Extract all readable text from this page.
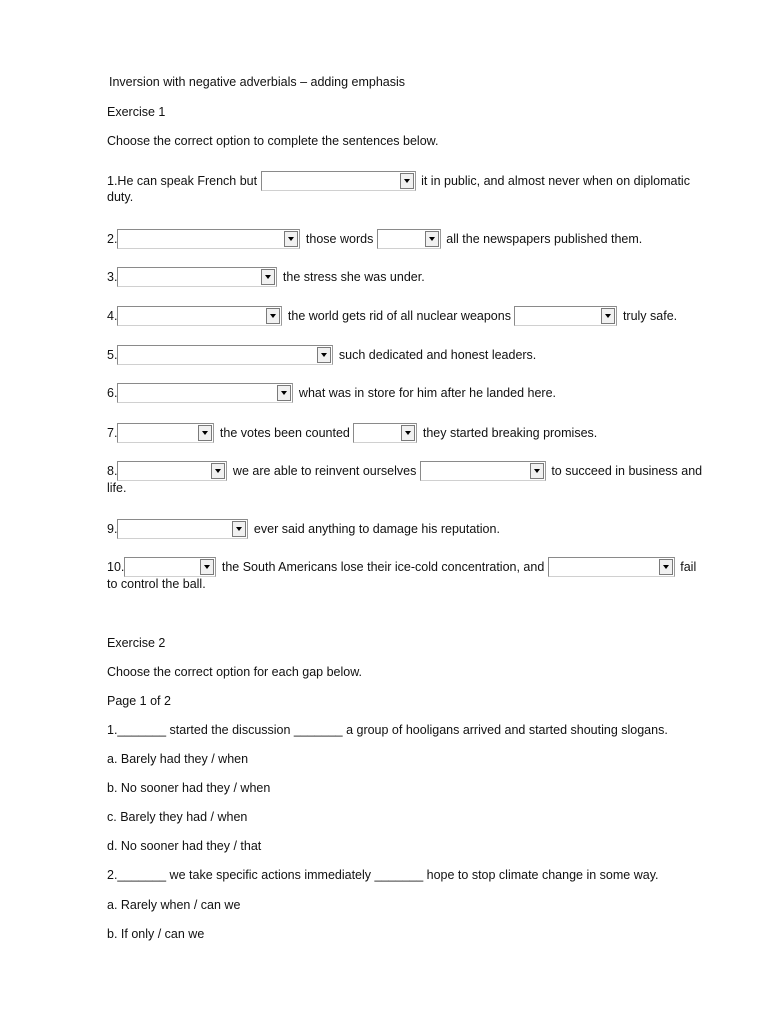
Inversion with negative adverbials – adding emphasis
Exercise 1
Choose the correct option to complete the sentences below.
1.He can speak French but	it in public, and almost never when on diplomatic
duty.
2.	those words	all the newspapers published them.
3.	the stress she was under.
4.	the world gets rid of all nuclear weapons	truly safe.
5.	such dedicated and honest leaders.
6.	what was in store for him after he landed here.
7.	the votes been counted	they started breaking promises.
8.	we are able to reinvent ourselves	to succeed in business and
life.
9.	ever said anything to damage his reputation.
10.	the South Americans lose their ice-cold concentration, and	fail
to control the ball.
Exercise 2
Choose the correct option for each gap below.
Page 1 of 2
1._______ started the discussion _______ a group of hooligans arrived and started shouting slogans.
a. Barely had they / when
b. No sooner had they / when
c. Barely they had / when
d. No sooner had they / that
2._______ we take specific actions immediately _______ hope to stop climate change in some way.
a. Rarely when / can we
b. If only / can we
